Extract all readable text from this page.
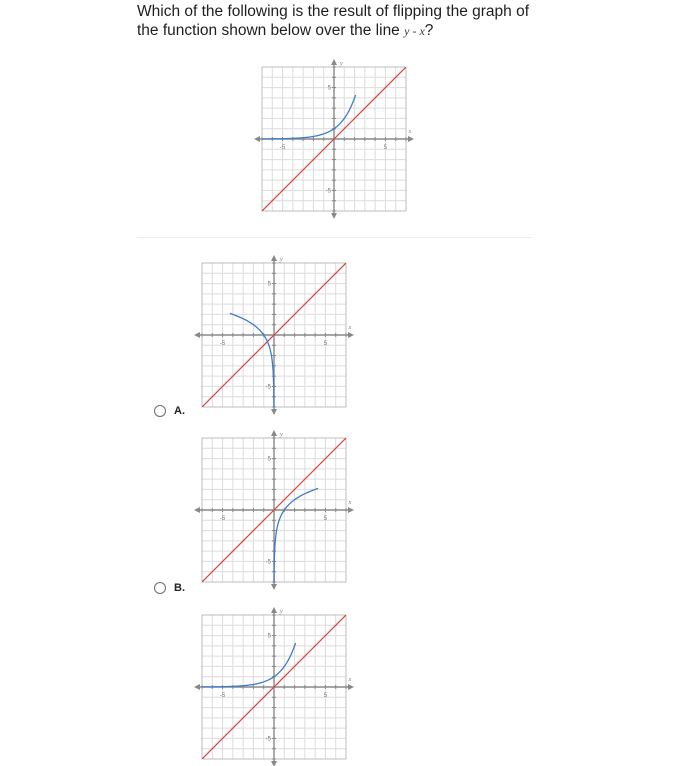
Which of the following is the result of flipping the graph of the function shown below over the line y - x?
-5	5
5
-5
x
y
-5	5
5
-5
x
y
A.
-5	5
5
-5
x
y
B.
-5	5
5
-5
x
y
